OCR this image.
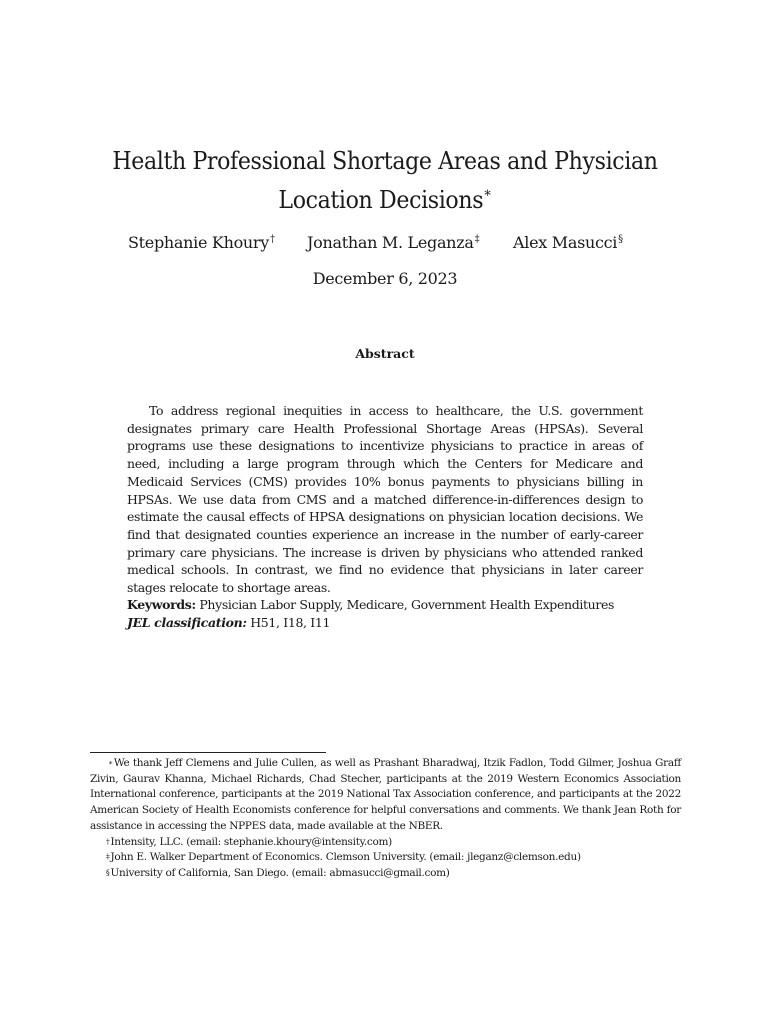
Health Professional Shortage Areas and Physician
Location Decisions∗
Stephanie Khoury† Jonathan M. Leganza‡ Alex Masucci§
December 6, 2023
Abstract

To address regional inequities in access to healthcare, the U.S. government designates primary care Health Professional Shortage Areas (HPSAs). Several programs use these designations to incentivize physicians to practice in areas of need, including a large program through which the Centers for Medicare and Medicaid Services (CMS) provides 10% bonus payments to physicians billing in HPSAs. We use data from CMS and a matched difference-in-differences design to estimate the causal effects of HPSA designations on physician location decisions. We find that designated counties experience an increase in the number of early-career primary care physicians. The increase is driven by physicians who attended ranked medical schools. In contrast, we find no evidence that physicians in later career stages relocate to shortage areas.

Keywords: Physician Labor Supply, Medicare, Government Health Expenditures
JEL classification: H51, I18, I11

∗We thank Jeff Clemens and Julie Cullen, as well as Prashant Bharadwaj, Itzik Fadlon, Todd Gilmer, Joshua Graff Zivin, Gaurav Khanna, Michael Richards, Chad Stecher, participants at the 2019 Western Economics Association International conference, participants at the 2019 National Tax Association conference, and participants at the 2022 American Society of Health Economists conference for helpful conversations and comments. We thank Jean Roth for assistance in accessing the NPPES data, made available at the NBER.

†Intensity, LLC. (email: stephanie.khoury@intensity.com)

‡John E. Walker Department of Economics. Clemson University. (email: jleganz@clemson.edu)

§University of California, San Diego. (email: abmasucci@gmail.com)
